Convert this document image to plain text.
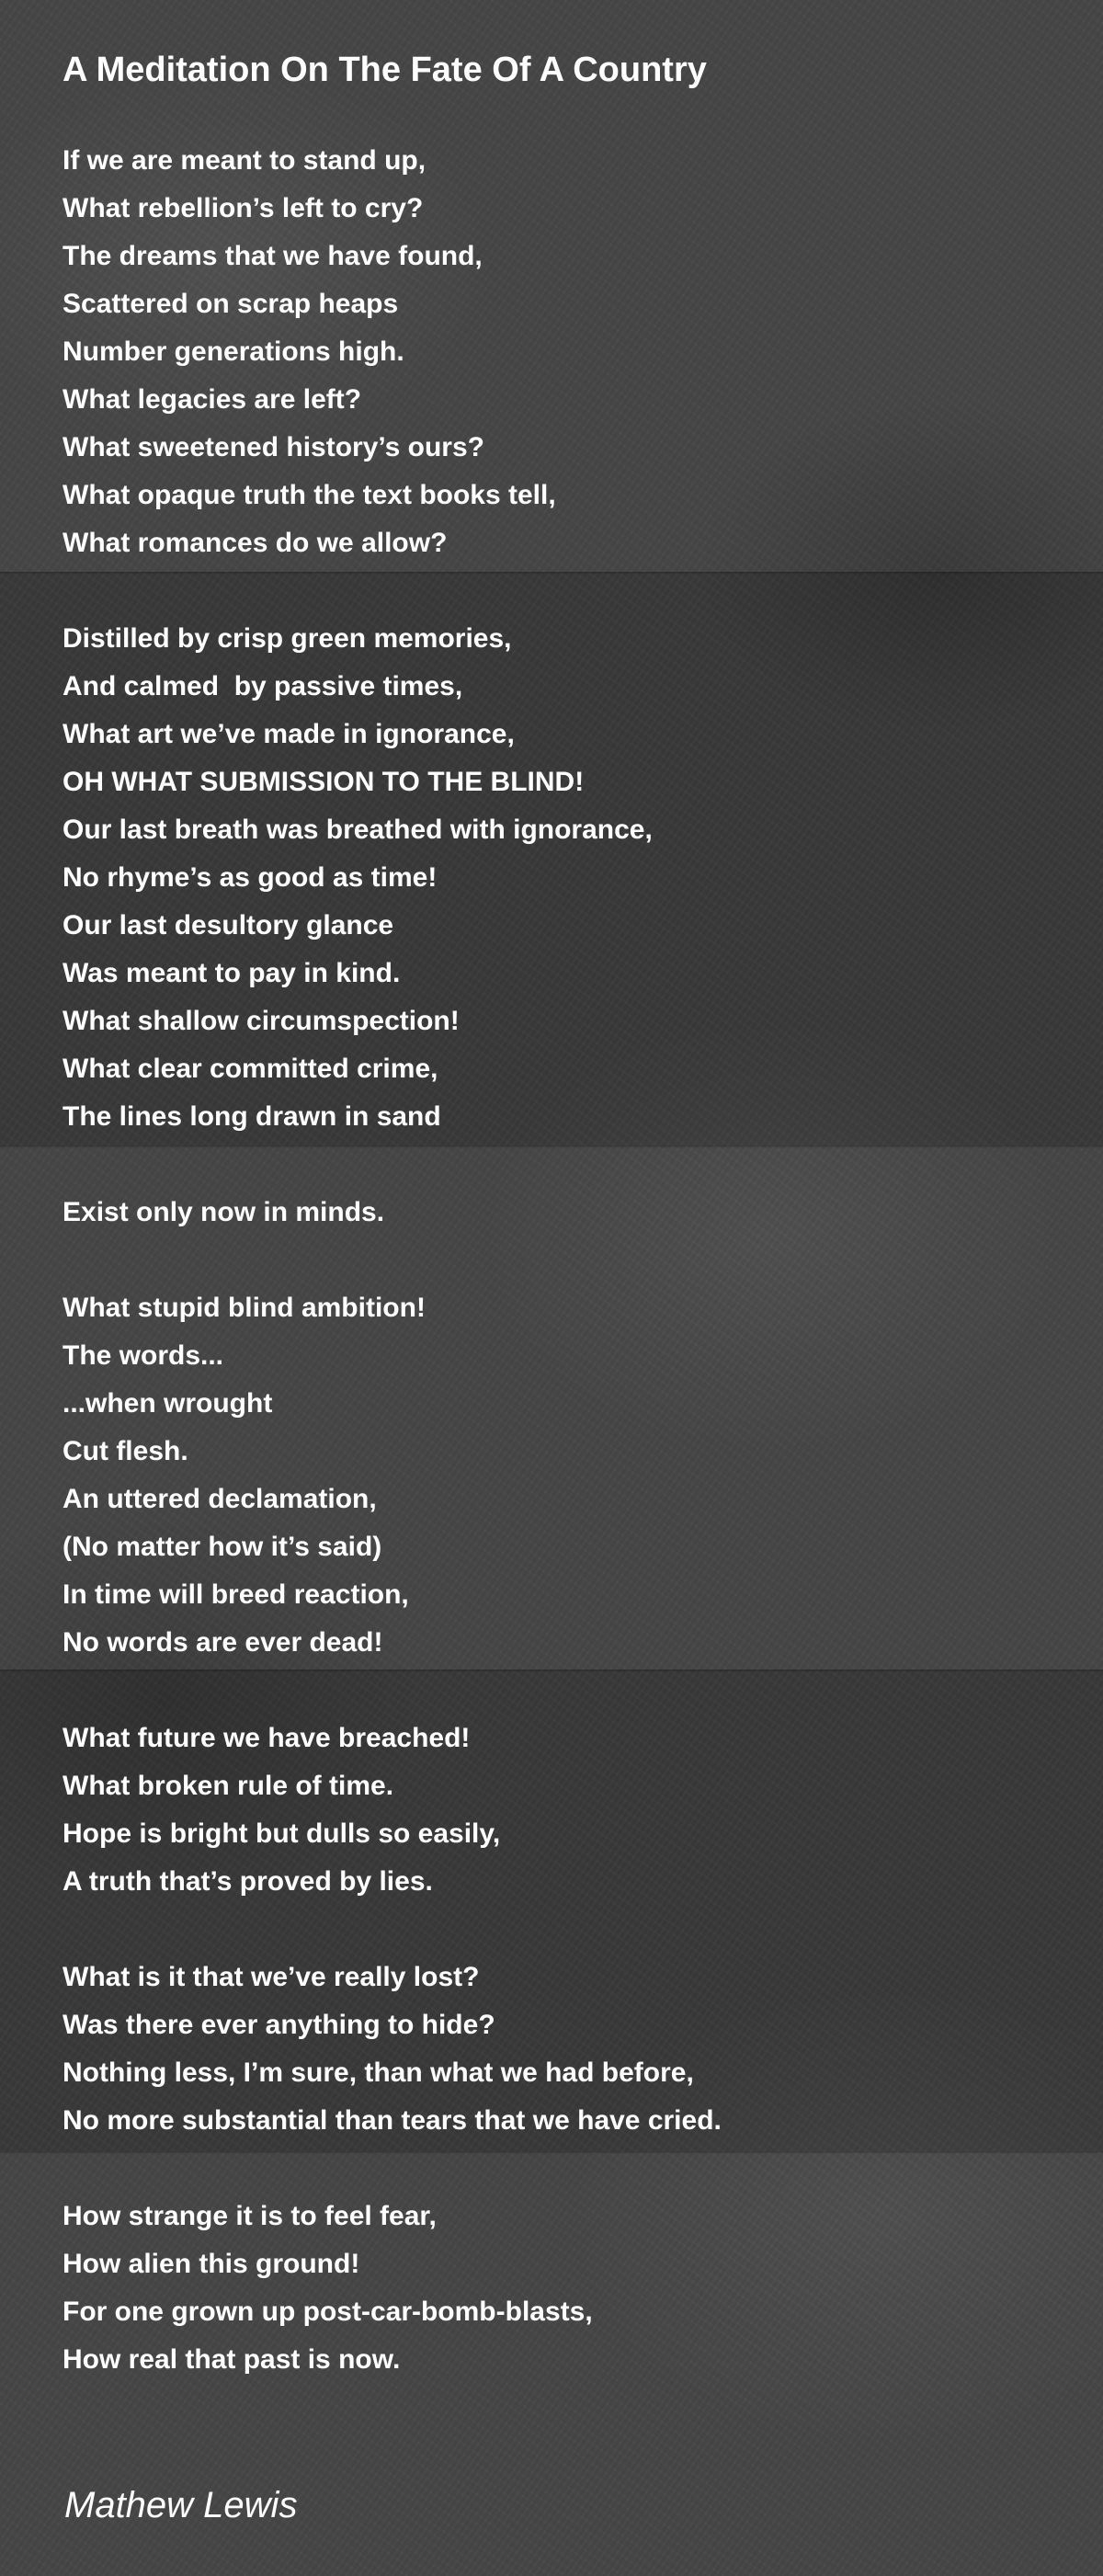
A Meditation On The Fate Of A Country
If we are meant to stand up,
What rebellion’s left to cry?
The dreams that we have found,
Scattered on scrap heaps
Number generations high.
What legacies are left?
What sweetened history’s ours?
What opaque truth the text books tell,
What romances do we allow?
Distilled by crisp green memories,
And calmed  by passive times,
What art we’ve made in ignorance,
OH WHAT SUBMISSION TO THE BLIND!
Our last breath was breathed with ignorance,
No rhyme’s as good as time!
Our last desultory glance
Was meant to pay in kind.
What shallow circumspection!
What clear committed crime,
The lines long drawn in sand
Exist only now in minds.
What stupid blind ambition!
The words...
...when wrought
Cut flesh.
An uttered declamation,
(No matter how it’s said)
In time will breed reaction,
No words are ever dead!
What future we have breached!
What broken rule of time.
Hope is bright but dulls so easily,
A truth that’s proved by lies.
What is it that we’ve really lost?
Was there ever anything to hide?
Nothing less, I’m sure, than what we had before,
No more substantial than tears that we have cried.
How strange it is to feel fear,
How alien this ground!
For one grown up post-car-bomb-blasts,
How real that past is now.
Mathew Lewis
